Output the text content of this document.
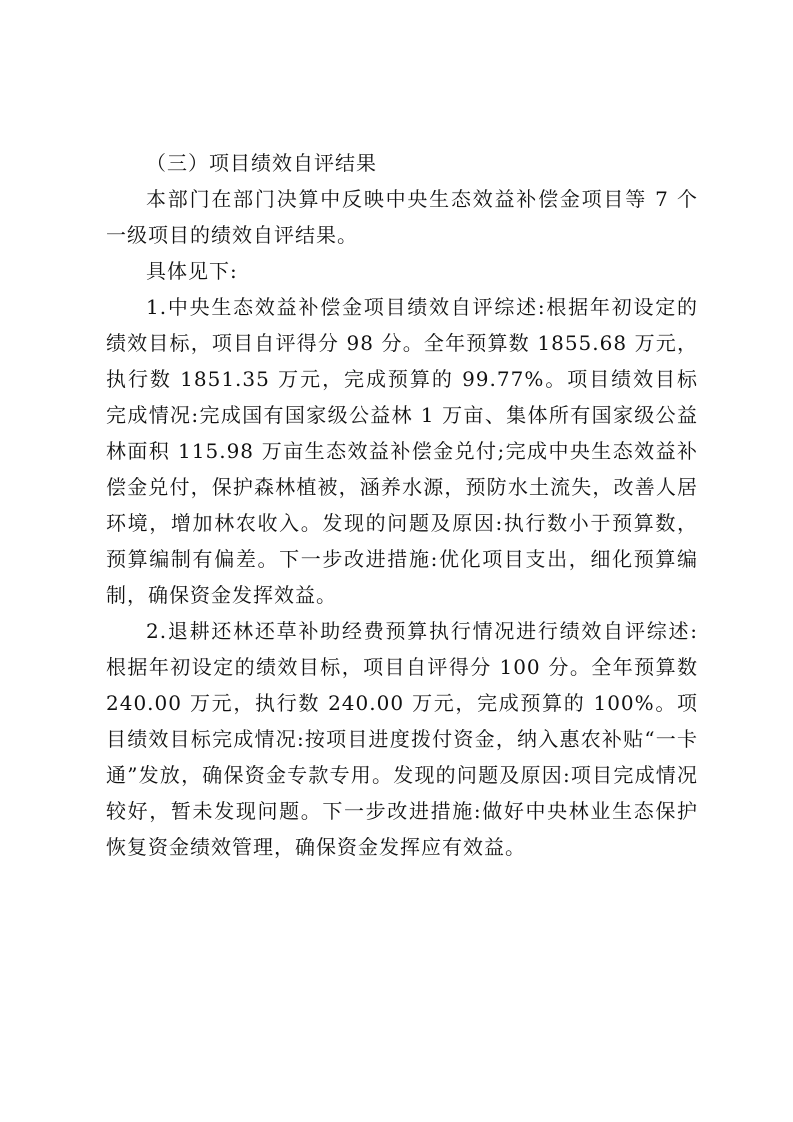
（三）项目绩效自评结果

本部门在部门决算中反映中央生态效益补偿金项目等 7 个一级项目的绩效自评结果。

具体见下:

1.中央生态效益补偿金项目绩效自评综述:根据年初设定的绩效目标，项目自评得分 98 分。全年预算数 1855.68 万元，执行数 1851.35 万元，完成预算的 99.77%。项目绩效目标完成情况:完成国有国家级公益林 1 万亩、集体所有国家级公益林面积 115.98 万亩生态效益补偿金兑付;完成中央生态效益补偿金兑付，保护森林植被，涵养水源，预防水土流失，改善人居环境，增加林农收入。发现的问题及原因:执行数小于预算数，预算编制有偏差。下一步改进措施:优化项目支出，细化预算编制，确保资金发挥效益。

2.退耕还林还草补助经费预算执行情况进行绩效自评综述:根据年初设定的绩效目标，项目自评得分 100 分。全年预算数 240.00 万元，执行数 240.00 万元，完成预算的 100%。项目绩效目标完成情况:按项目进度拨付资金，纳入惠农补贴“一卡通”发放，确保资金专款专用。发现的问题及原因:项目完成情况较好，暂未发现问题。下一步改进措施:做好中央林业生态保护恢复资金绩效管理，确保资金发挥应有效益。
